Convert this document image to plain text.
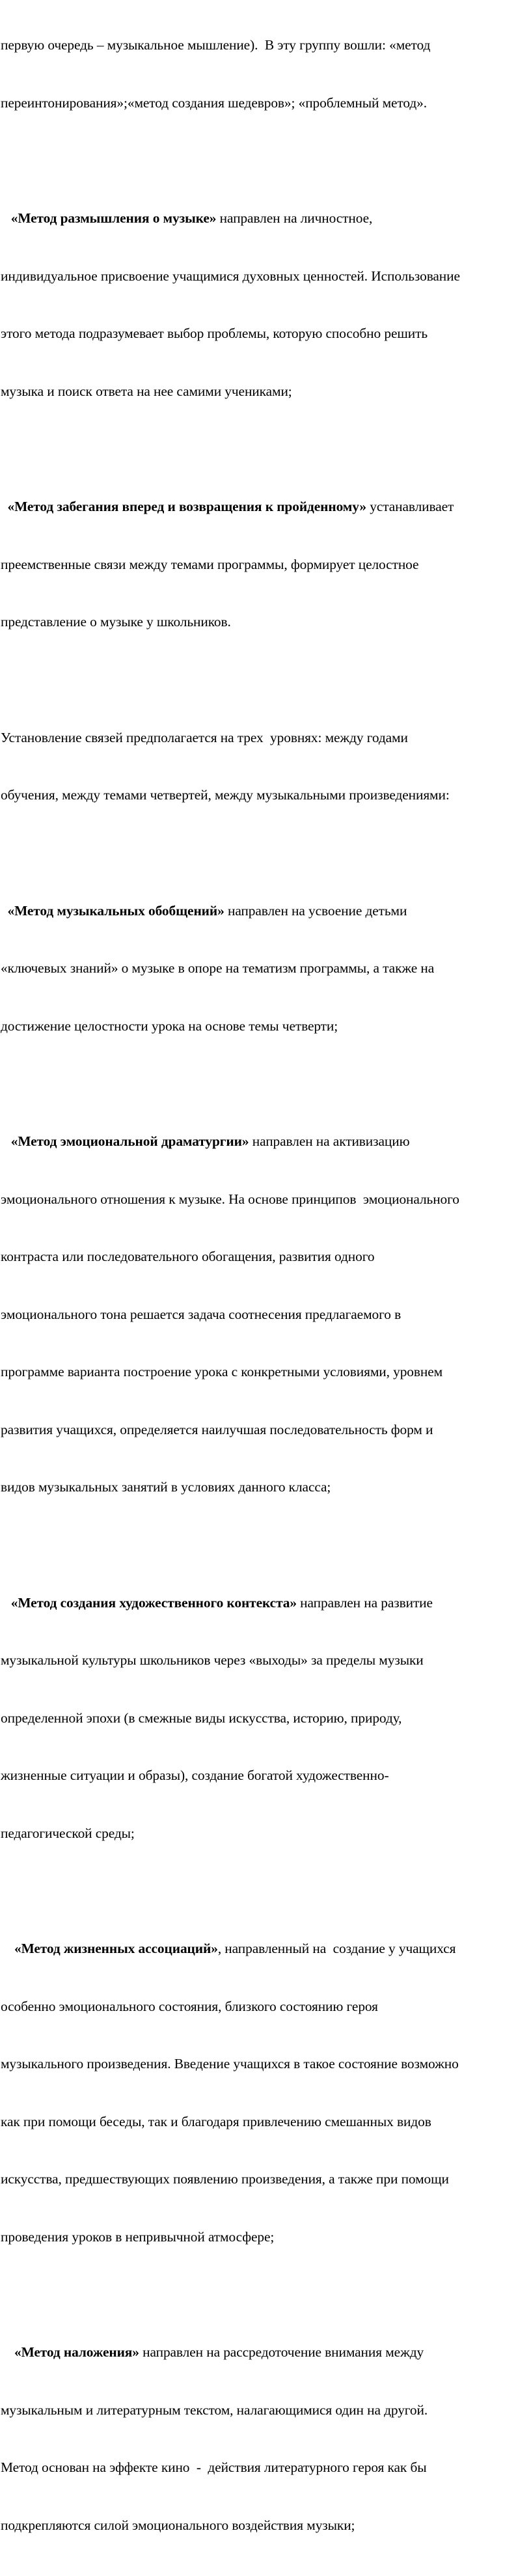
первую очередь – музыкальное мышление).  В эту группу вошли: «метод

переинтонирования»;«метод создания шедевров»; «проблемный метод».

«Метод размышления о музыке» направлен на личностное,

индивидуальное присвоение учащимися духовных ценностей. Использование

этого метода подразумевает выбор проблемы, которую способно решить

музыка и поиск ответа на нее самими учениками;

«Метод забегания вперед и возвращения к пройденному» устанавливает

преемственные связи между темами программы, формирует целостное

представление о музыке у школьников.

Установление связей предполагается на трех  уровнях: между годами

обучения, между темами четвертей, между музыкальными произведениями:

«Метод музыкальных обобщений» направлен на усвоение детьми

«ключевых знаний» о музыке в опоре на тематизм программы, а также на

достижение целостности урока на основе темы четверти;

«Метод эмоциональной драматургии» направлен на активизацию

эмоционального отношения к музыке. На основе принципов  эмоционального

контраста или последовательного обогащения, развития одного

эмоционального тона решается задача соотнесения предлагаемого в

программе варианта построение урока с конкретными условиями, уровнем

развития учащихся, определяется наилучшая последовательность форм и

видов музыкальных занятий в условиях данного класса;

«Метод создания художественного контекста» направлен на развитие

музыкальной культуры школьников через «выходы» за пределы музыки

определенной эпохи (в смежные виды искусства, историю, природу,

жизненные ситуации и образы), создание богатой художественно-

педагогической среды;

«Метод жизненных ассоциаций», направленный на  создание у учащихся

особенно эмоционального состояния, близкого состоянию героя

музыкального произведения. Введение учащихся в такое состояние возможно

как при помощи беседы, так и благодаря привлечению смешанных видов

искусства, предшествующих появлению произведения, а также при помощи

проведения уроков в непривычной атмосфере;

«Метод наложения» направлен на рассредоточение внимания между

музыкальным и литературным текстом, налагающимися один на другой.

Метод основан на эффекте кино  -  действия литературного героя как бы

подкрепляются силой эмоционального воздействия музыки;
